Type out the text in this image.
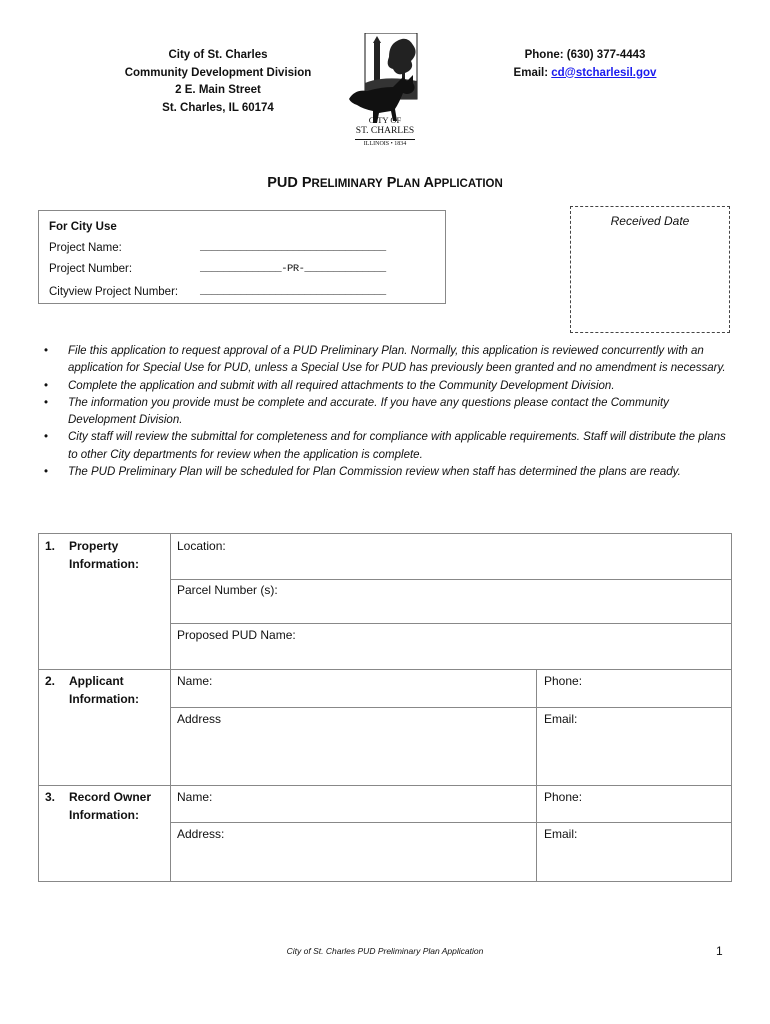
City of St. Charles
Community Development Division
2 E. Main Street
St. Charles, IL 60174
CITY OF
ST. CHARLES
ILLINOIS • 1834
Phone: (630) 377-4443
Email: cd@stcharlesil.gov
PUD PRELIMINARY PLAN APPLICATION
For City Use
Project Name:	________________________________
Project Number:	______________-PR-______________
Cityview Project Number: ________________________________
Received Date
• File this application to request approval of a PUD Preliminary Plan. Normally, this application is reviewed concurrently with an application for Special Use for PUD, unless a Special Use for PUD has previously been granted and no amendment is necessary.
• Complete the application and submit with all required attachments to the Community Development Division.
• The information you provide must be complete and accurate. If you have any questions please contact the Community Development Division.
• City staff will review the submittal for completeness and for compliance with applicable requirements. Staff will distribute the plans to other City departments for review when the application is complete.
• The PUD Preliminary Plan will be scheduled for Plan Commission review when staff has determined the plans are ready.
1. Property Information:
Location:
Parcel Number (s):
Proposed PUD Name:
2. Applicant Information:
Name:	Phone:
Address	Email:
3. Record Owner Information:
Name:	Phone:
Address:	Email:
City of St. Charles PUD Preliminary Plan Application	1
